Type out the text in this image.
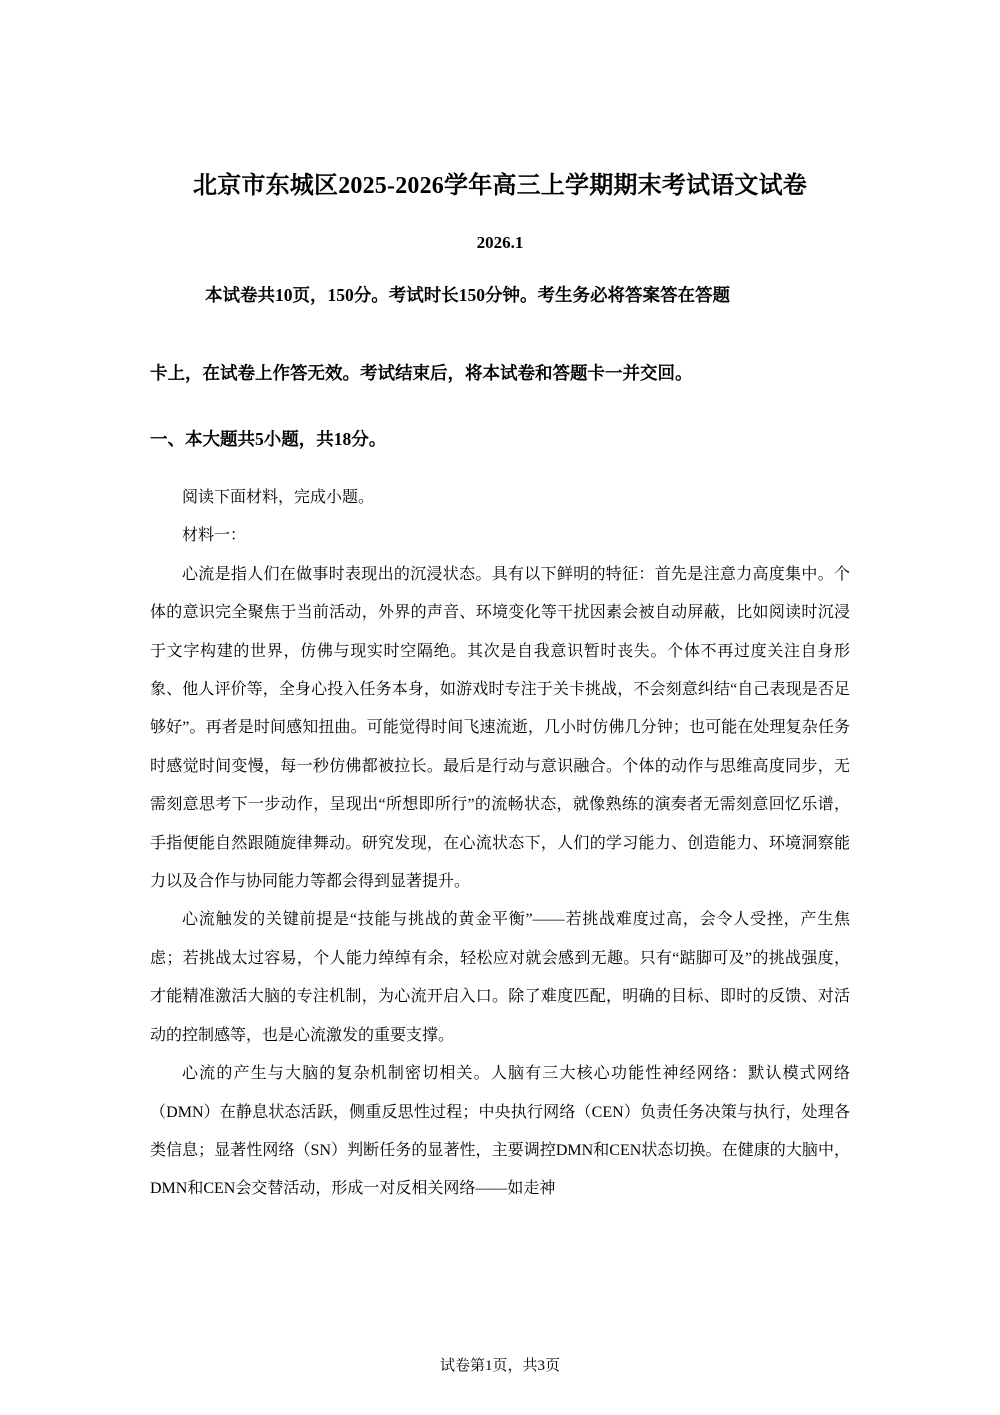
北京市东城区2025-2026学年高三上学期期末考试语文试卷
2026.1
本试卷共10页，150分。考试时长150分钟。考生务必将答案答在答题
卡上，在试卷上作答无效。考试结束后，将本试卷和答题卡一并交回。
一、本大题共5小题，共18分。

阅读下面材料，完成小题。

材料一：

心流是指人们在做事时表现出的沉浸状态。具有以下鲜明的特征：首先是注意力高度集中。个体的意识完全聚焦于当前活动，外界的声音、环境变化等干扰因素会被自动屏蔽，比如阅读时沉浸于文字构建的世界，仿佛与现实时空隔绝。其次是自我意识暂时丧失。个体不再过度关注自身形象、他人评价等，全身心投入任务本身，如游戏时专注于关卡挑战，不会刻意纠结“自己表现是否足够好”。再者是时间感知扭曲。可能觉得时间飞速流逝，几小时仿佛几分钟；也可能在处理复杂任务时感觉时间变慢，每一秒仿佛都被拉长。最后是行动与意识融合。个体的动作与思维高度同步，无需刻意思考下一步动作，呈现出“所想即所行”的流畅状态，就像熟练的演奏者无需刻意回忆乐谱，手指便能自然跟随旋律舞动。研究发现，在心流状态下，人们的学习能力、创造能力、环境洞察能力以及合作与协同能力等都会得到显著提升。

心流触发的关键前提是“技能与挑战的黄金平衡”——若挑战难度过高，会令人受挫，产生焦虑；若挑战太过容易，个人能力绰绰有余，轻松应对就会感到无趣。只有“踮脚可及”的挑战强度，才能精准激活大脑的专注机制，为心流开启入口。除了难度匹配，明确的目标、即时的反馈、对活动的控制感等，也是心流激发的重要支撑。

心流的产生与大脑的复杂机制密切相关。人脑有三大核心功能性神经网络：默认模式网络（DMN）在静息状态活跃，侧重反思性过程；中央执行网络（CEN）负责任务决策与执行，处理各类信息；显著性网络（SN）判断任务的显著性，主要调控DMN和CEN状态切换。在健康的大脑中，DMN和CEN会交替活动，形成一对反相关网络——如走神

试卷第1页，共3页
